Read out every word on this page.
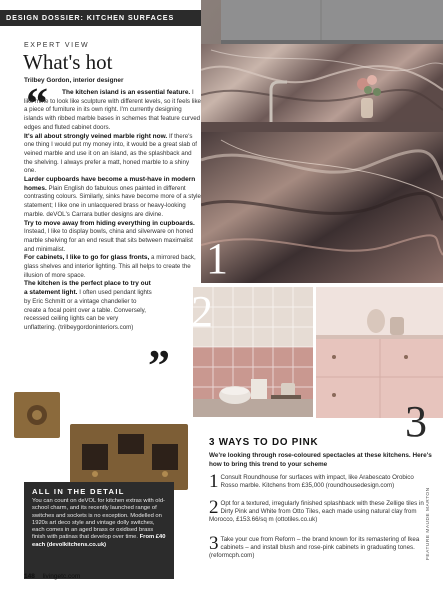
DESIGN DOSSIER: KITCHEN SURFACES
EXPERT VIEW
What's hot
Trilbey Gordon, interior designer
“	The kitchen island is an essential feature. I like mine to look like sculpture with different levels, so it feels like a piece of furniture in its own right. I'm currently designing islands with ribbed marble bases in schemes that feature curved edges and fluted cabinet doors.
It's all about strongly veined marble right now. If there's one thing I would put my money into, it would be a great slab of veined marble and use it on an island, as the splashback and the shelving. I always prefer a matt, honed marble to a shiny one.
Larder cupboards have become a must-have in modern homes. Plain English do fabulous ones painted in different contrasting colours. Similarly, sinks have become more of a style statement; I like one in unlacquered brass or heavy-looking marble. deVOL's Carrara butler designs are divine.
Try to move away from hiding everything in cupboards. Instead, I like to display bowls, china and silverware on honed marble shelving for an end result that sits between maximalist and minimalist.
For cabinets, I like to go for glass fronts, a mirrored back, glass shelves and interior lighting. This all helps to create the illusion of more space.
The kitchen is the perfect place to try out a statement light. I often used pendant lights by Eric Schmitt or a vintage chandelier to create a focal point over a table. Conversely, recessed ceiling lights can be very unflattering. (trilbeygordoninteriors.com)
”
1
2
3
ALL IN THE DETAIL
You can count on deVOL for kitchen extras with old-school charm, and its recently launched range of switches and sockets is no exception. Modelled on 1920s art deco style and vintage dolly switches, each comes in an aged brass or oxidised brass finish with patinas that develop over time. From £40 each (devolkitchens.co.uk)
3 WAYS TO DO PINK
We're looking through rose-coloured spectacles at these kitchens. Here's how to bring this trend to your scheme
1 Consult Roundhouse for surfaces with impact, like Arabescato Orobico Rosso marble. Kitchens from £35,000 (roundhousedesign.com)
2 Opt for a textured, irregularly finished splashback with these Zellige tiles in Dirty Pink and White from Otto Tiles, each made using natural clay from Morocco, £153.66/sq m (ottotiles.co.uk)
3 Take your cue from Reform – the brand known for its remastering of Ikea cabinets – and install blush and rose-pink cabinets in graduating tones. (reformcph.com)	FEATURE MAUDE MARTON
148 livingetc.com
